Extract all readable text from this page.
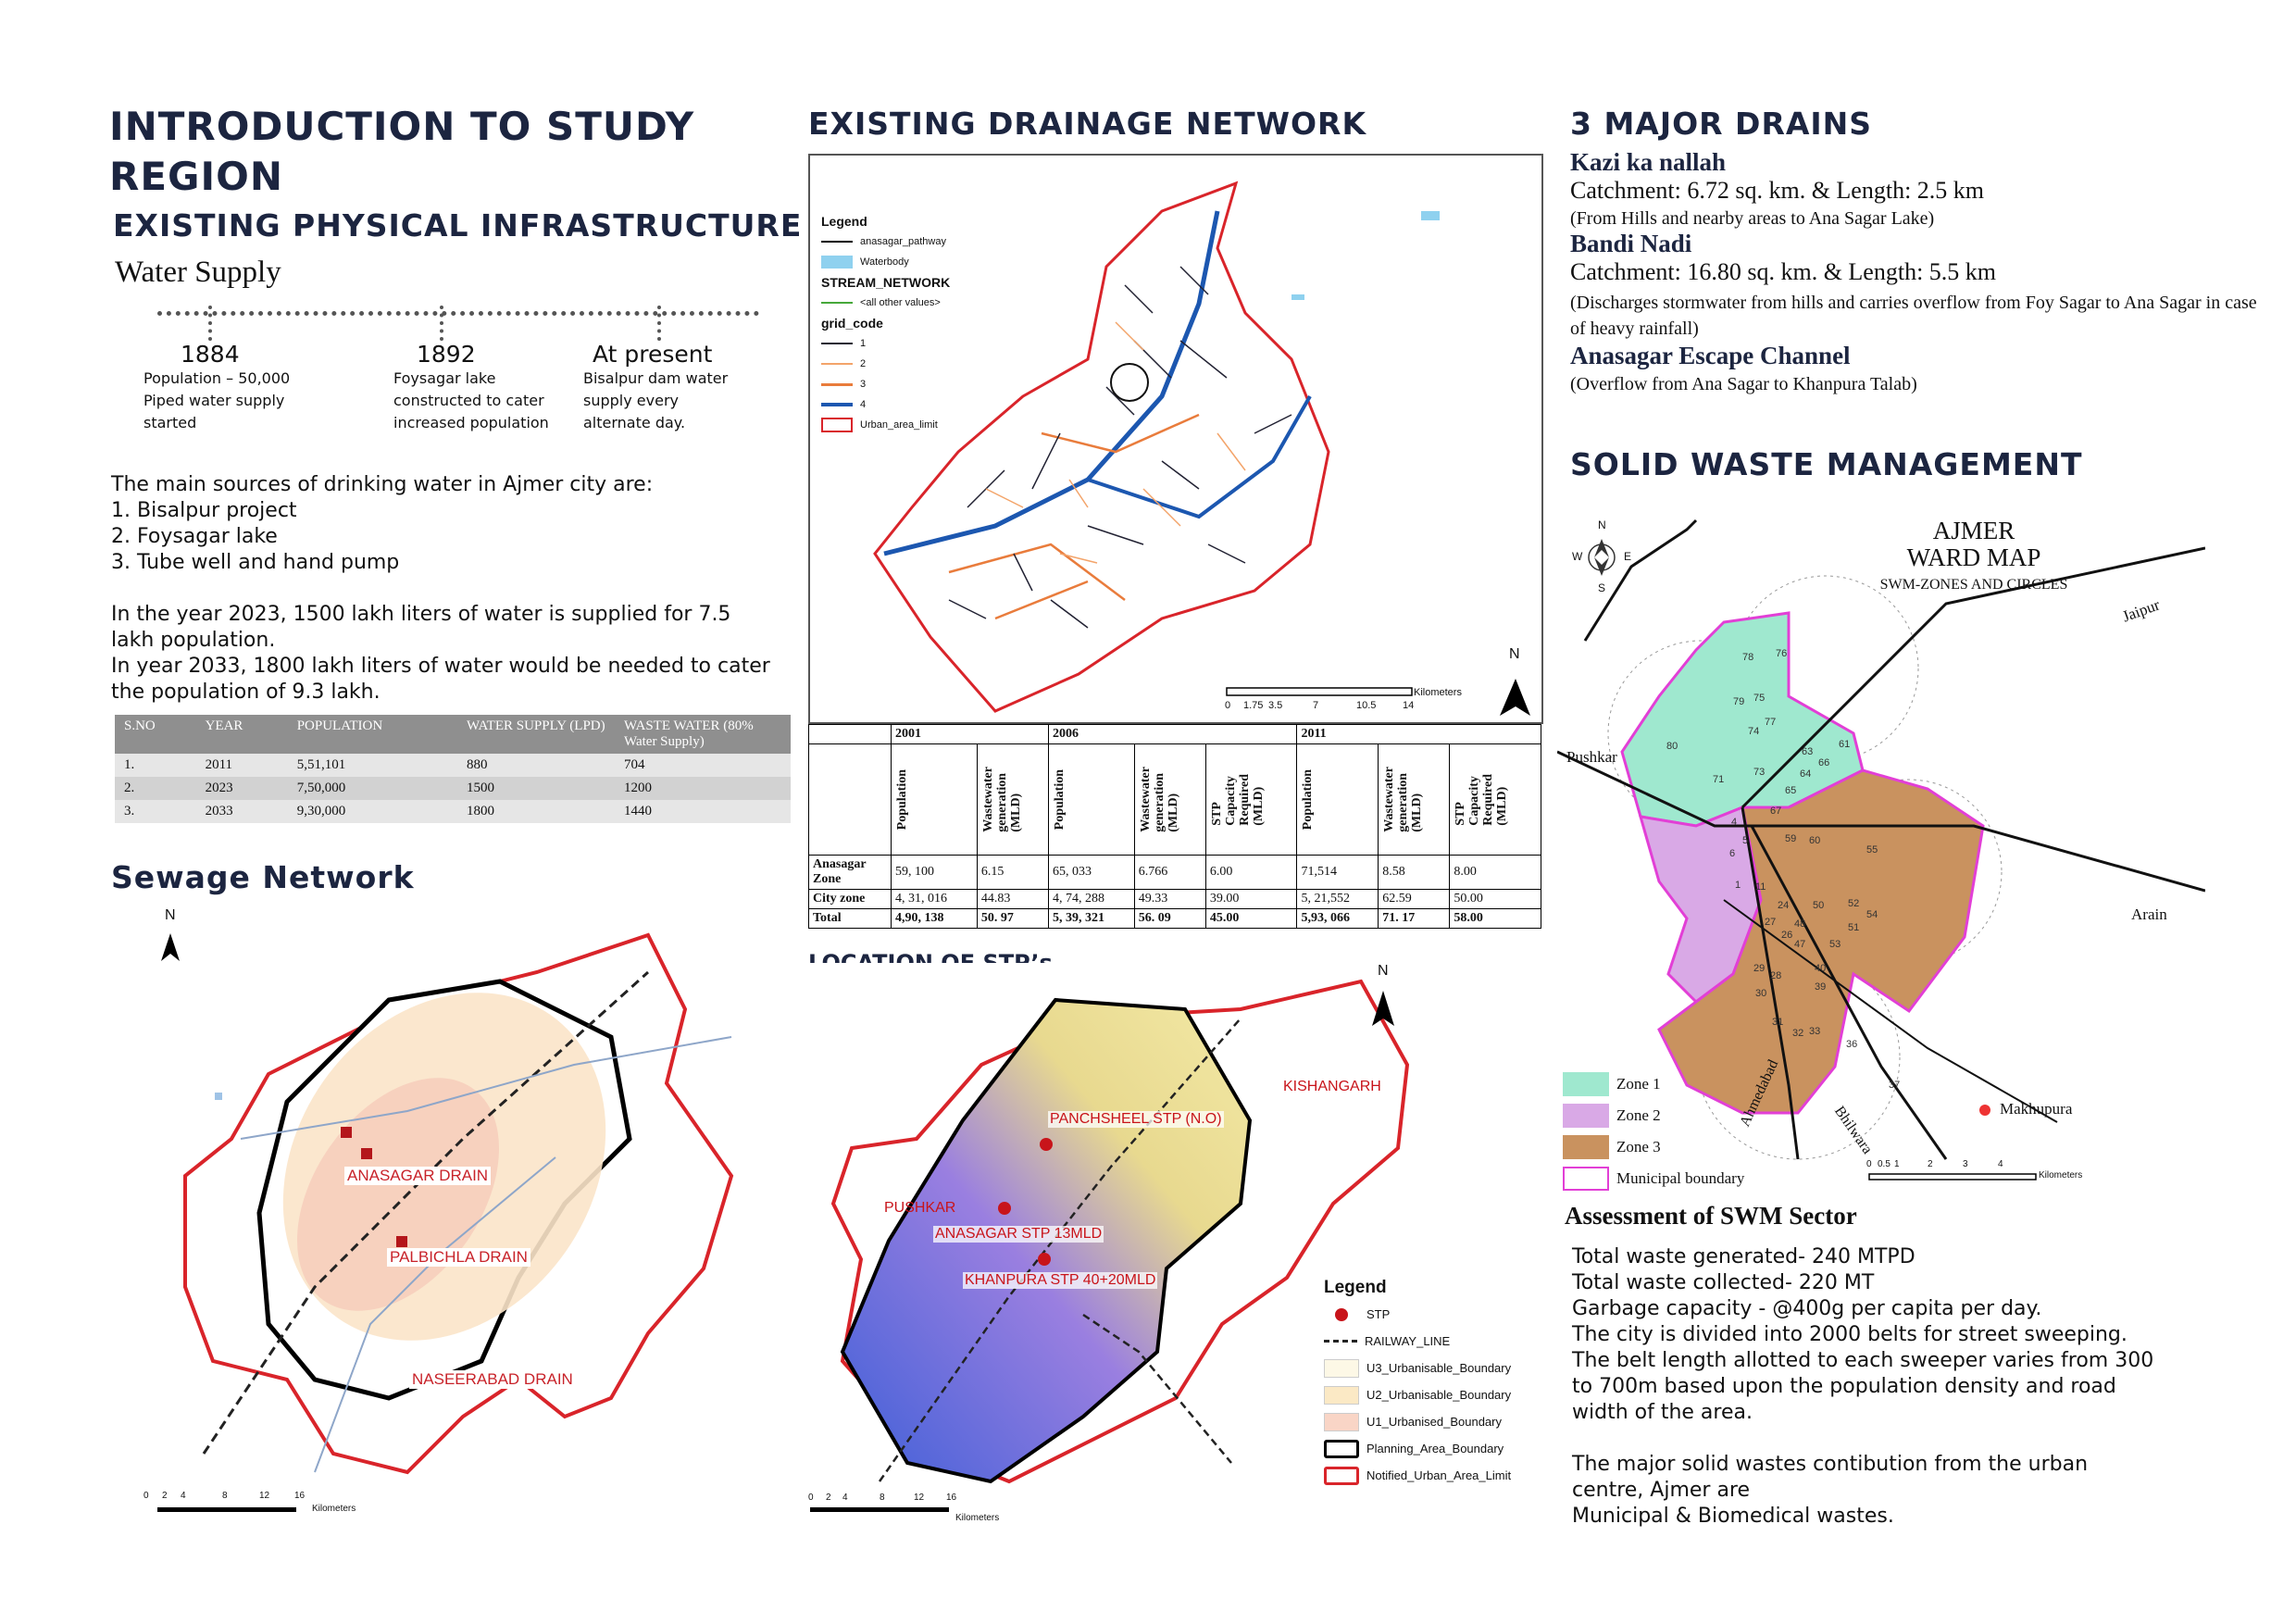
INTRODUCTION TO STUDY REGION
EXISTING PHYSICAL INFRASTRUCTURE
Water Supply
1884
Population – 50,000
Piped water supply
started
1892
Foysagar lake
constructed to cater
increased population
At present
Bisalpur dam water
supply every
alternate day.
The main sources of drinking water in Ajmer city are:
1. Bisalpur project
2. Foysagar lake
3. Tube well and hand pump
In the year 2023, 1500 lakh liters of water is supplied for 7.5 lakh population.
In year 2033, 1800 lakh liters of water would be needed to cater the population of 9.3 lakh.
S.NO	YEAR	POPULATION	WATER SUPPLY (LPD)	WASTE WATER (80% Water Supply)
1.	2011	5,51,101	880	704
2.	2023	7,50,000	1500	1200
3.	2033	9,30,000	1800	1440
Sewage Network
N
ANASAGAR DRAIN
PALBICHLA DRAIN
NASEERABAD DRAIN
0 2 4	8	12	16
Kilometers
EXISTING DRAINAGE NETWORK
Legend
anasagar_pathway
Waterbody
STREAM_NETWORK
<all other values>
grid_code
1
2
3
4
Urban_area_limit
N
0 1.75 3.5	7	10.5	14
Kilometers
	2001		2006			2011		

	Population	Wastewater
generation
(MLD)	Population	Wastewater
generation
(MLD)	STP
Capacity
Required
(MLD)	Population	Wastewater
generation
(MLD)	STP
Capacity
Required
(MLD)

Anasagar Zone	59, 100	6.15	65, 033	6.766	6.00	71,514	8.58	8.00
City zone	4, 31, 016	44.83	4, 74, 288	49.33	39.00	5, 21,552	62.59	50.00
Total	4,90, 138	50. 97	5, 39, 321	56. 09	45.00	5,93, 066	71. 17	58.00
N
PANCHSHEEL STP (N.O)
ANASAGAR STP 13MLD
KHANPURA STP 40+20MLD
PUSHKAR
KISHANGARH
0 2 4	8	12 16
Kilometers
Legend
STP
RAILWAY_LINE
U3_Urbanisable_Boundary
U2_Urbanisable_Boundary
U1_Urbanised_Boundary
Planning_Area_Boundary
Notified_Urban_Area_Limit
3 MAJOR DRAINS
Kazi ka nallah
Catchment: 6.72 sq. km. & Length: 2.5 km
(From Hills and nearby areas to Ana Sagar Lake)
Bandi Nadi
Catchment: 16.80 sq. km. & Length: 5.5 km
(Discharges stormwater from hills and carries overflow from Foy Sagar to Ana Sagar in case of heavy rainfall)
Anasagar Escape Channel
(Overflow from Ana Sagar to Khanpura Talab)
SOLID WASTE MANAGEMENT
AJMER
WARD MAP
SWM-ZONES AND CIRCLES
N
S
E
W
Jaipur
Pushkar
Arain
Ahmedabad
Bhilwara	Makhupura
78 76
79 75
77
74
80
71
73
63
64
66
65
61
67
59 60
55
52
51
50
53
54
48
47
40
39
29
28
30
31
32 33
36
37
26
27
24
11
1
4
5
6
Zone 1
Zone 2
Zone 3
Municipal boundary
0 0.5 1	2	3	4
Kilometers
Assessment of SWM Sector
Total waste generated- 240 MTPD
Total waste collected- 220 MT
Garbage capacity - @400g per capita per day.
The city is divided into 2000 belts for street sweeping. The belt length allotted to each sweeper varies from 300 to 700m based upon the population density and road width of the area.
The major solid wastes contibution from the urban centre, Ajmer are
Municipal & Biomedical wastes.
